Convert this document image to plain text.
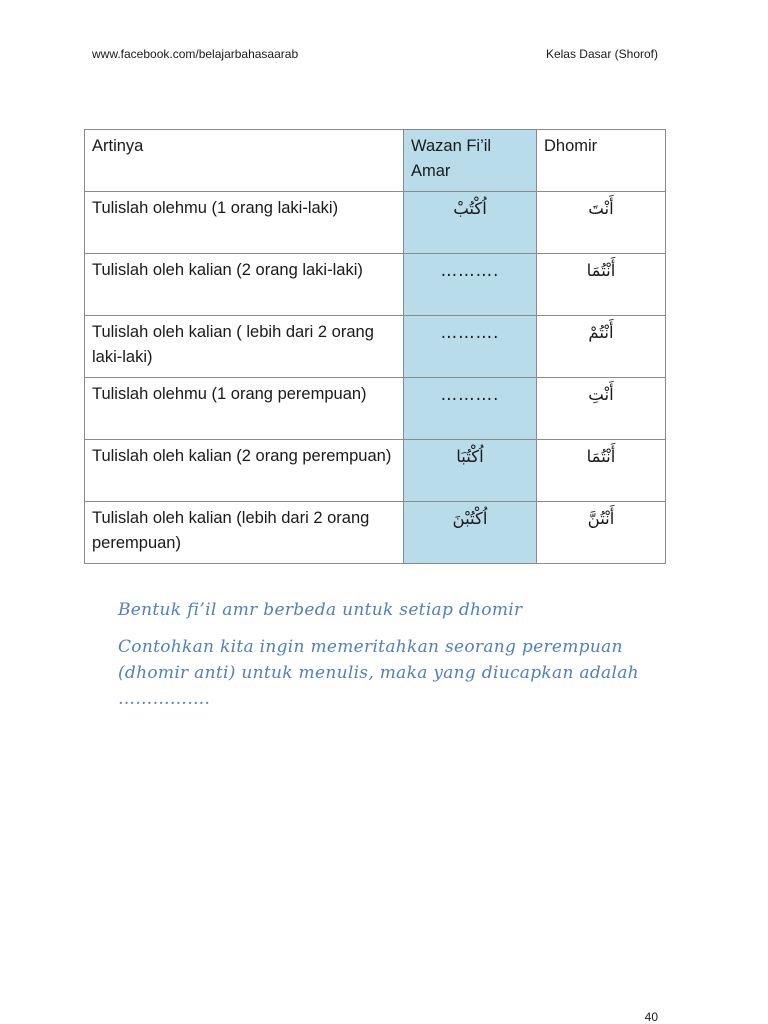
www.facebook.com/belajarbahasaarab	Kelas Dasar (Shorof)
Artinya	Wazan Fi’il Amar	Dhomir
Tulislah olehmu (1 orang laki-laki)	اُكْتُبْ	أَنْتَ
Tulislah oleh kalian (2 orang laki-laki)	……….	أَنْتُمَا
Tulislah oleh kalian ( lebih dari 2 orang laki-laki)	……….	أَنْتُمْ
Tulislah olehmu (1 orang perempuan)	……….	أَنْتِ
Tulislah oleh kalian (2 orang perempuan)	اُكْتُبَا	أَنْتُمَا
Tulislah oleh kalian (lebih dari 2 orang perempuan)	اُكْتُبْنَ	أَنْتُنَّ
Bentuk fi’il amr berbeda untuk setiap dhomir
Contohkan kita ingin memeritahkan seorang perempuan (dhomir anti) untuk menulis, maka yang diucapkan adalah …………….
40
